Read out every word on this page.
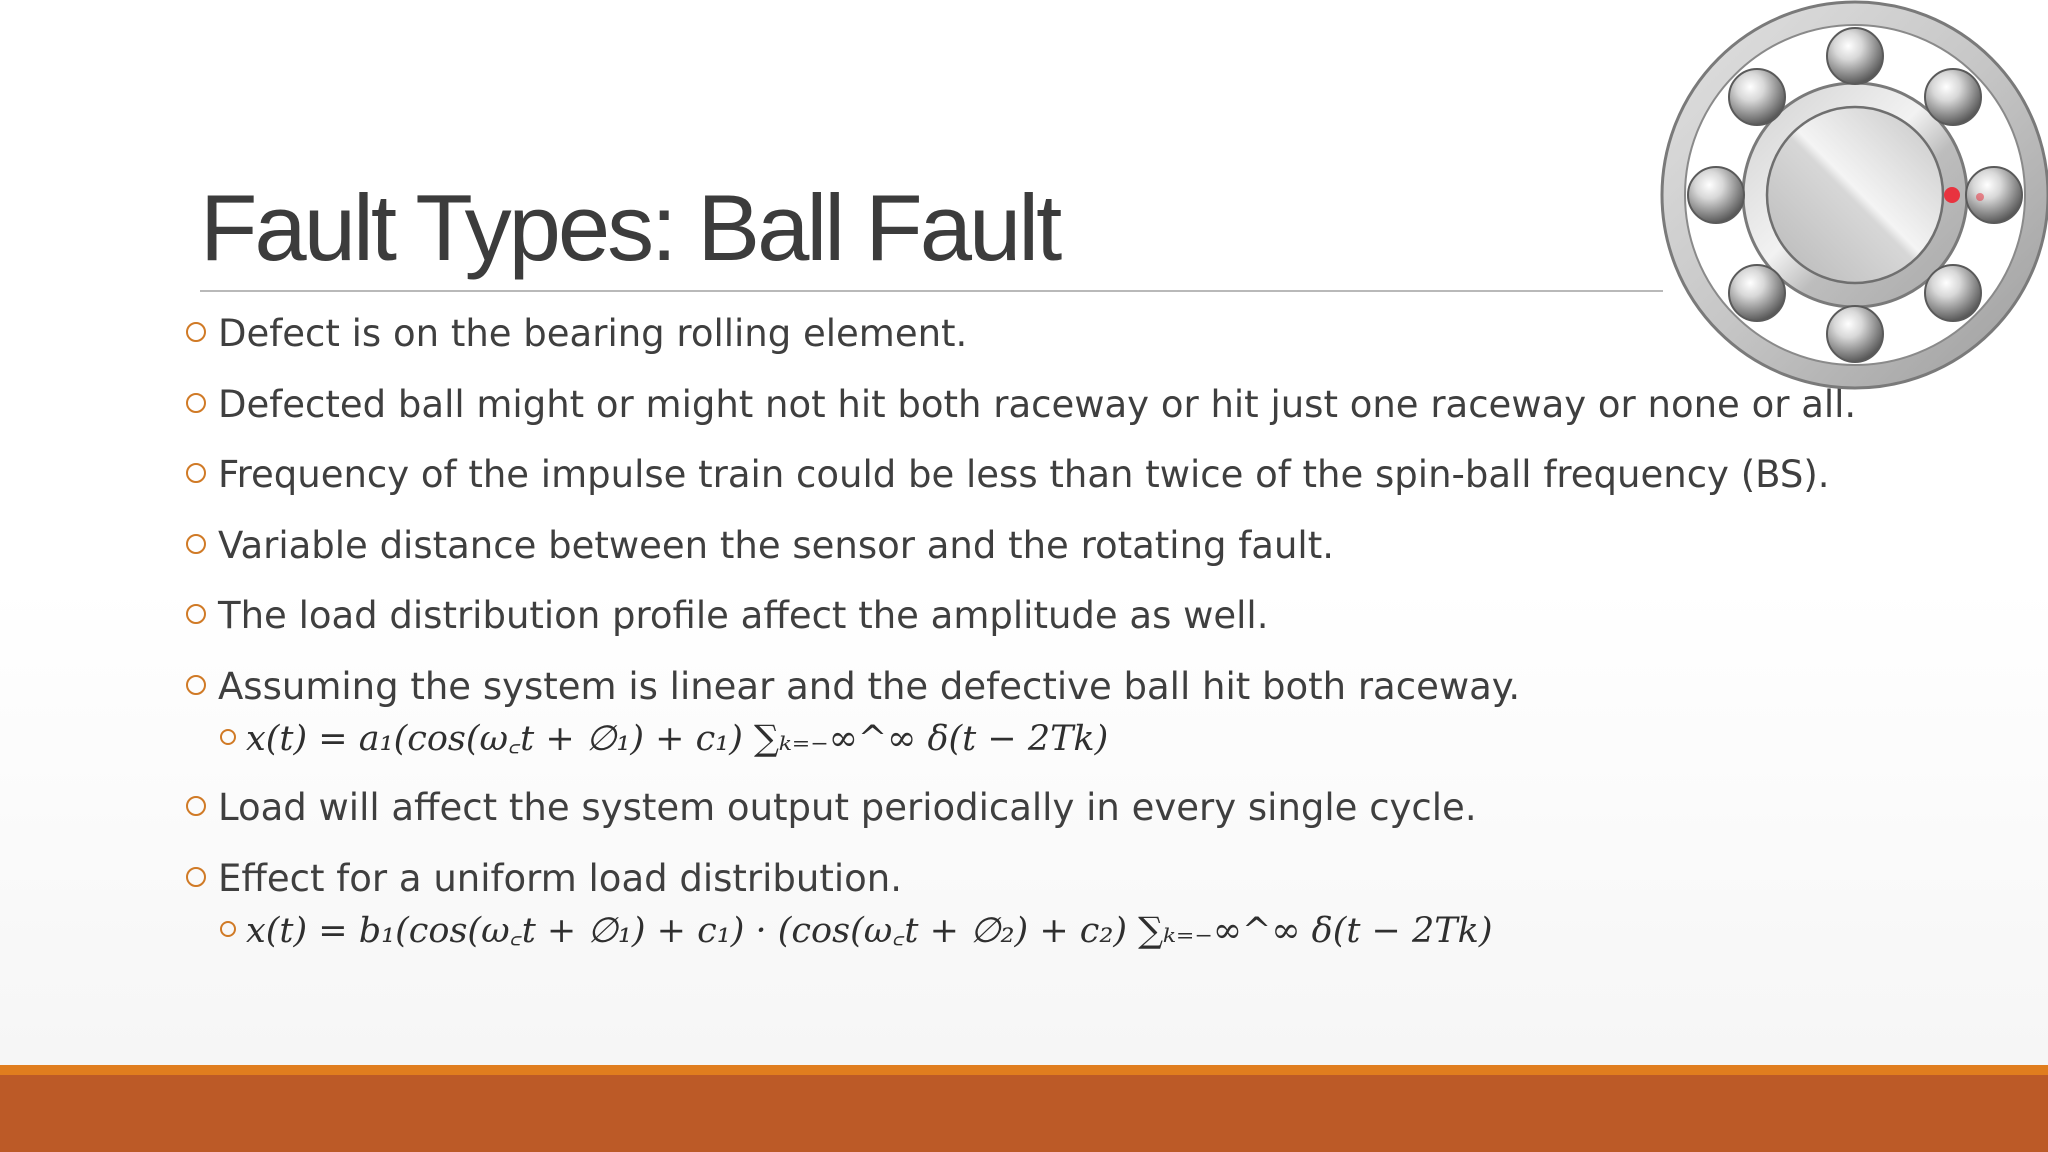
Fault Types: Ball Fault
Defect is on the bearing rolling element.
Defected ball might or might not hit both raceway or hit just one raceway or none or all.
Frequency of the impulse train could be less than twice of the spin-ball frequency (BS).
Variable distance between the sensor and the rotating fault.
The load distribution profile affect the amplitude as well.
Assuming the system is linear and the defective ball hit both raceway.
x(t) = a₁(cos(ω꜀t + ∅₁) + c₁) ∑ₖ₌₋∞^∞ δ(t − 2Tk)
Load will affect the system output periodically in every single cycle.
Effect for a uniform load distribution.
x(t) = b₁(cos(ω꜀t + ∅₁) + c₁) · (cos(ω꜀t + ∅₂) + c₂) ∑ₖ₌₋∞^∞ δ(t − 2Tk)
